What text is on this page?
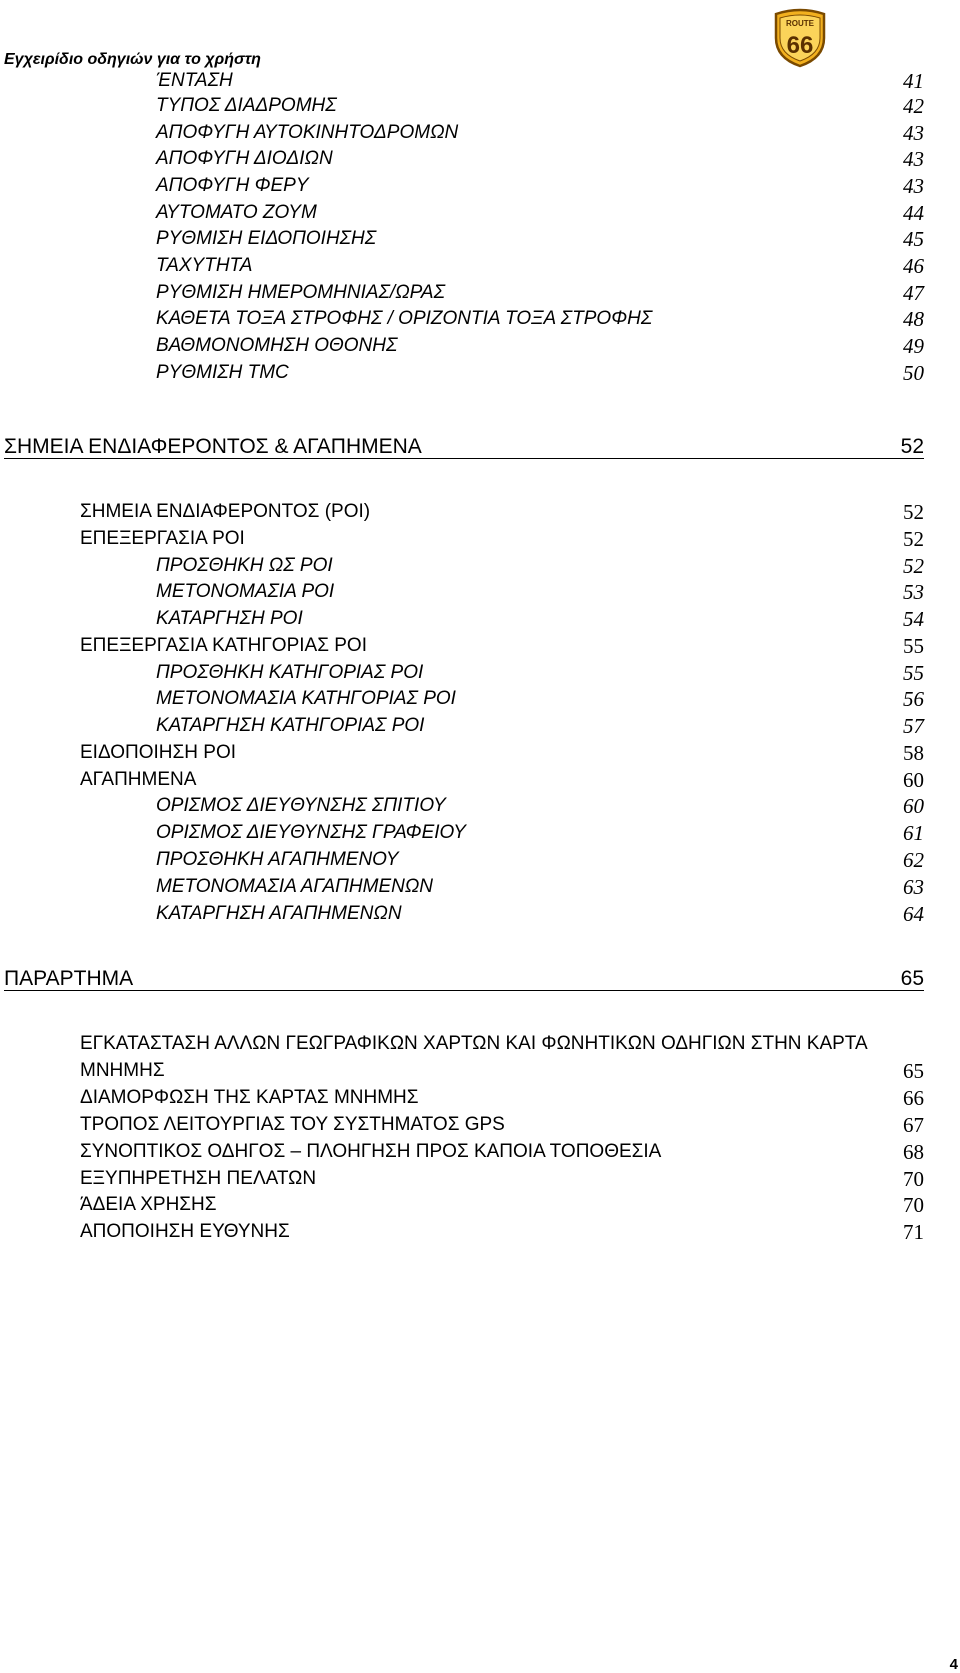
Εγχειρίδιο οδηγιών για το χρήστη
ROUTE
66
ΈΝΤΑΣΗ	41
ΤΥΠΟΣ ΔΙΑΔΡΟΜΗΣ	42
ΑΠΟΦΥΓΗ ΑΥΤΟΚΙΝΗΤΟΔΡΟΜΩΝ	43
ΑΠΟΦΥΓΗ ΔΙΟΔΙΩΝ	43
ΑΠΟΦΥΓΗ ΦΕΡΥ	43
ΑΥΤΟΜΑΤΟ ΖΟΥΜ	44
ΡΥΘΜΙΣΗ ΕΙΔΟΠΟΙΗΣΗΣ	45
ΤΑΧΥΤΗΤΑ	46
ΡΥΘΜΙΣΗ ΗΜΕΡΟΜΗΝΙΑΣ/ΩΡΑΣ	47
ΚΑΘΕΤΑ ΤΟΞΑ ΣΤΡΟΦΗΣ / ΟΡΙΖΟΝΤΙΑ ΤΟΞΑ ΣΤΡΟΦΗΣ	48
ΒΑΘΜΟΝΟΜΗΣΗ ΟΘΟΝΗΣ	49
ΡΥΘΜΙΣΗ TMC	50
ΣΗΜΕΙΑ ΕΝΔΙΑΦΕΡΟΝΤΟΣ & ΑΓΑΠΗΜΕΝΑ	52
ΣΗΜΕΙΑ ΕΝΔΙΑΦΕΡΟΝΤΟΣ (POI)	52
ΕΠΕΞΕΡΓΑΣΙΑ POI	52
ΠΡΟΣΘΗΚΗ ΩΣ POI	52
ΜΕΤΟΝΟΜΑΣΙΑ POI	53
ΚΑΤΑΡΓΗΣΗ POI	54
ΕΠΕΞΕΡΓΑΣΙΑ ΚΑΤΗΓΟΡΙΑΣ POI	55
ΠΡΟΣΘΗΚΗ ΚΑΤΗΓΟΡΙΑΣ POI	55
ΜΕΤΟΝΟΜΑΣΙΑ ΚΑΤΗΓΟΡΙΑΣ POI	56
ΚΑΤΑΡΓΗΣΗ ΚΑΤΗΓΟΡΙΑΣ POI	57
ΕΙΔΟΠΟΙΗΣΗ POI	58
ΑΓΑΠΗΜΕΝΑ	60
ΟΡΙΣΜΟΣ ΔΙΕΥΘΥΝΣΗΣ ΣΠΙΤΙΟΥ	60
ΟΡΙΣΜΟΣ ΔΙΕΥΘΥΝΣΗΣ ΓΡΑΦΕΙΟΥ	61
ΠΡΟΣΘΗΚΗ ΑΓΑΠΗΜΕΝΟΥ	62
ΜΕΤΟΝΟΜΑΣΙΑ ΑΓΑΠΗΜΕΝΩΝ	63
ΚΑΤΑΡΓΗΣΗ ΑΓΑΠΗΜΕΝΩΝ	64
ΠΑΡΑΡΤΗΜΑ	65
ΕΓΚΑΤΑΣΤΑΣΗ ΑΛΛΩΝ ΓΕΩΓΡΑΦΙΚΩΝ ΧΑΡΤΩΝ ΚΑΙ ΦΩΝΗΤΙΚΩΝ ΟΔΗΓΙΩΝ ΣΤΗΝ ΚΑΡΤΑ
ΜΝΗΜΗΣ	65
ΔΙΑΜΟΡΦΩΣΗ ΤΗΣ ΚΑΡΤΑΣ ΜΝΗΜΗΣ	66
ΤΡΟΠΟΣ ΛΕΙΤΟΥΡΓΙΑΣ ΤΟΥ ΣΥΣΤΗΜΑΤΟΣ GPS	67
ΣΥΝΟΠΤΙΚΟΣ ΟΔΗΓΟΣ – ΠΛΟΗΓΗΣΗ ΠΡΟΣ ΚΑΠΟΙΑ ΤΟΠΟΘΕΣΙΑ	68
ΕΞΥΠΗΡΕΤΗΣΗ ΠΕΛΑΤΩΝ	70
ΆΔΕΙΑ ΧΡΗΣΗΣ	70
ΑΠΟΠΟΙΗΣΗ ΕΥΘΥΝΗΣ	71
4
